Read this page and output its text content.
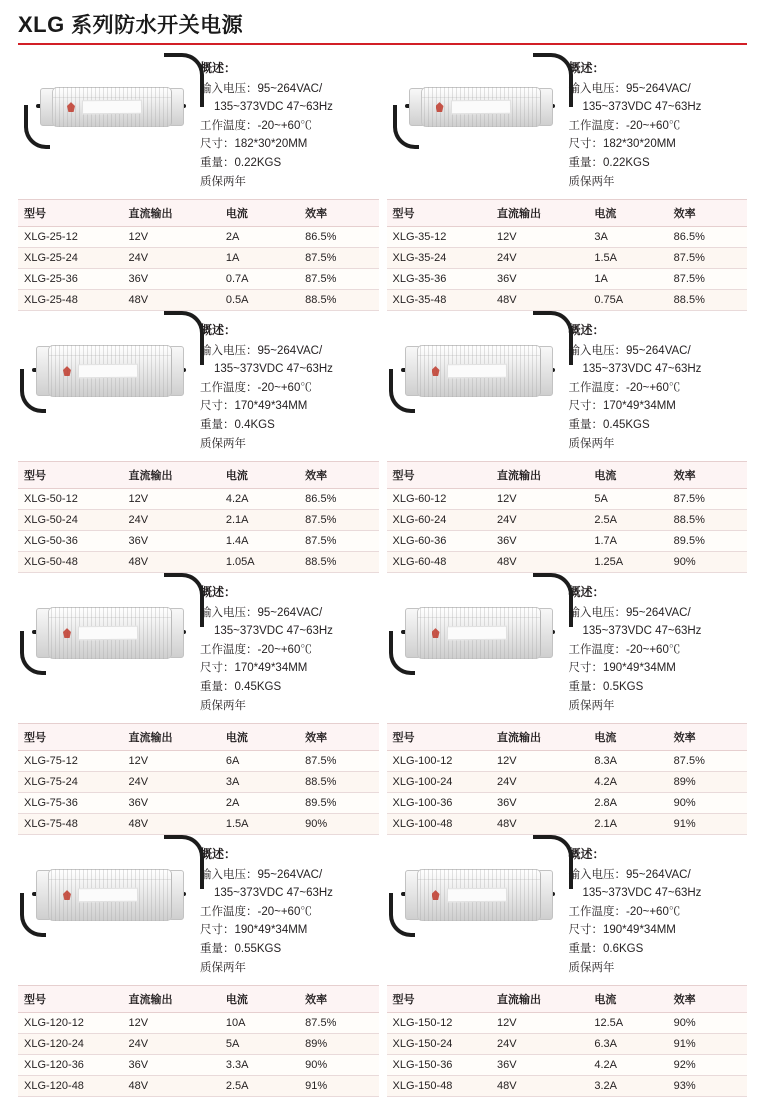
XLG 系列防水开关电源
概述：
输入电压：95~264VAC/
135~373VDC 47~63Hz
工作温度：-20~+60℃
尺寸：182*30*20MM
重量：0.22KGS
质保两年
型号	直流输出	电流	效率
XLG-25-12	12V	2A	86.5%
XLG-25-24	24V	1A	87.5%
XLG-25-36	36V	0.7A	87.5%
XLG-25-48	48V	0.5A	88.5%
概述：
输入电压：95~264VAC/
135~373VDC 47~63Hz
工作温度：-20~+60℃
尺寸：182*30*20MM
重量：0.22KGS
质保两年
型号	直流输出	电流	效率
XLG-35-12	12V	3A	86.5%
XLG-35-24	24V	1.5A	87.5%
XLG-35-36	36V	1A	87.5%
XLG-35-48	48V	0.75A	88.5%
概述：
输入电压：95~264VAC/
135~373VDC 47~63Hz
工作温度：-20~+60℃
尺寸：170*49*34MM
重量：0.4KGS
质保两年
型号	直流输出	电流	效率
XLG-50-12	12V	4.2A	86.5%
XLG-50-24	24V	2.1A	87.5%
XLG-50-36	36V	1.4A	87.5%
XLG-50-48	48V	1.05A	88.5%
概述：
输入电压：95~264VAC/
135~373VDC 47~63Hz
工作温度：-20~+60℃
尺寸：170*49*34MM
重量：0.45KGS
质保两年
型号	直流输出	电流	效率
XLG-60-12	12V	5A	87.5%
XLG-60-24	24V	2.5A	88.5%
XLG-60-36	36V	1.7A	89.5%
XLG-60-48	48V	1.25A	90%
概述：
输入电压：95~264VAC/
135~373VDC 47~63Hz
工作温度：-20~+60℃
尺寸：170*49*34MM
重量：0.45KGS
质保两年
型号	直流输出	电流	效率
XLG-75-12	12V	6A	87.5%
XLG-75-24	24V	3A	88.5%
XLG-75-36	36V	2A	89.5%
XLG-75-48	48V	1.5A	90%
概述：
输入电压：95~264VAC/
135~373VDC 47~63Hz
工作温度：-20~+60℃
尺寸：190*49*34MM
重量：0.5KGS
质保两年
型号	直流输出	电流	效率
XLG-100-12	12V	8.3A	87.5%
XLG-100-24	24V	4.2A	89%
XLG-100-36	36V	2.8A	90%
XLG-100-48	48V	2.1A	91%
概述：
输入电压：95~264VAC/
135~373VDC 47~63Hz
工作温度：-20~+60℃
尺寸：190*49*34MM
重量：0.55KGS
质保两年
型号	直流输出	电流	效率
XLG-120-12	12V	10A	87.5%
XLG-120-24	24V	5A	89%
XLG-120-36	36V	3.3A	90%
XLG-120-48	48V	2.5A	91%
概述：
输入电压：95~264VAC/
135~373VDC 47~63Hz
工作温度：-20~+60℃
尺寸：190*49*34MM
重量：0.6KGS
质保两年
型号	直流输出	电流	效率
XLG-150-12	12V	12.5A	90%
XLG-150-24	24V	6.3A	91%
XLG-150-36	36V	4.2A	92%
XLG-150-48	48V	3.2A	93%
